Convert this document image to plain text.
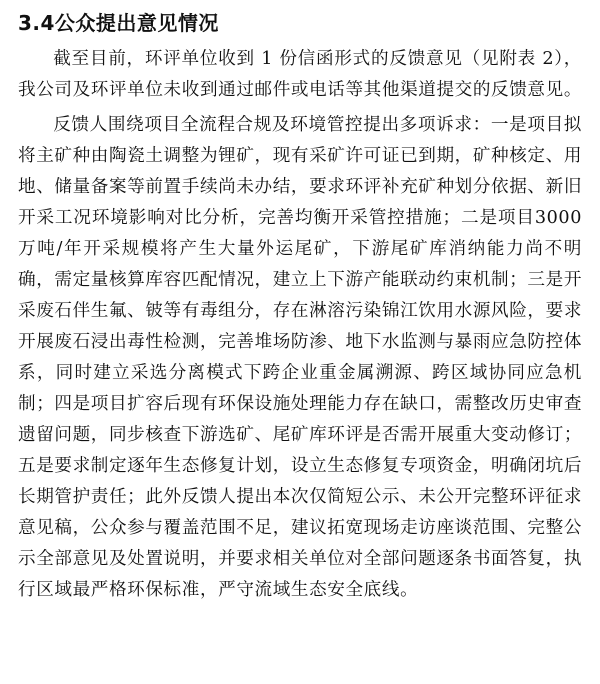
3.4公众提出意见情况

截至目前，环评单位收到 1 份信函形式的反馈意见（见附表 2），我公司及环评单位未收到通过邮件或电话等其他渠道提交的反馈意见。

反馈人围绕项目全流程合规及环境管控提出多项诉求：一是项目拟将主矿种由陶瓷土调整为锂矿，现有采矿许可证已到期，矿种核定、用地、储量备案等前置手续尚未办结，要求环评补充矿种划分依据、新旧开采工况环境影响对比分析，完善均衡开采管控措施；二是项目3000 万吨/年开采规模将产生大量外运尾矿，下游尾矿库消纳能力尚不明确，需定量核算库容匹配情况，建立上下游产能联动约束机制；三是开采废石伴生氟、铍等有毒组分，存在淋溶污染锦江饮用水源风险，要求开展废石浸出毒性检测，完善堆场防渗、地下水监测与暴雨应急防控体系，同时建立采选分离模式下跨企业重金属溯源、跨区域协同应急机制；四是项目扩容后现有环保设施处理能力存在缺口，需整改历史审查遗留问题，同步核查下游选矿、尾矿库环评是否需开展重大变动修订；五是要求制定逐年生态修复计划，设立生态修复专项资金，明确闭坑后长期管护责任；此外反馈人提出本次仅简短公示、未公开完整环评征求意见稿，公众参与覆盖范围不足，建议拓宽现场走访座谈范围、完整公示全部意见及处置说明，并要求相关单位对全部问题逐条书面答复，执行区域最严格环保标准，严守流域生态安全底线。
